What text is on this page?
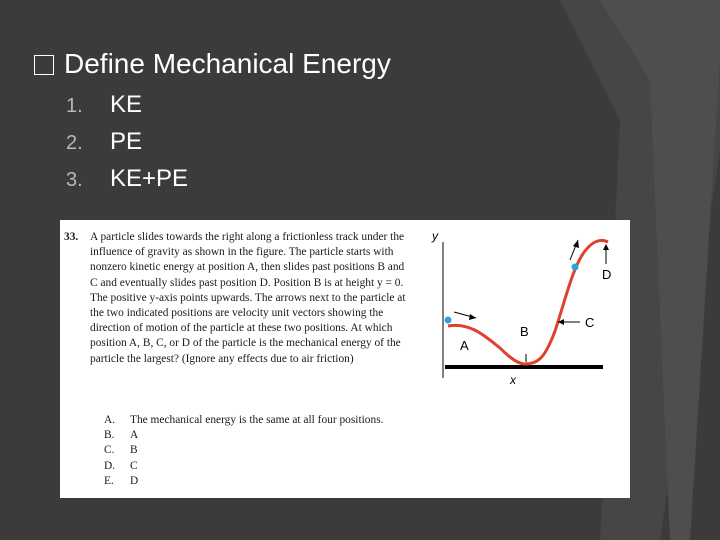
Define Mechanical Energy
1. KE
2. PE
3. KE+PE
33. A particle slides towards the right along a frictionless track under the influence of gravity as shown in the figure. The particle starts with nonzero kinetic energy at position A, then slides past positions B and C and eventually slides past position D. Position B is at height y = 0. The positive y-axis points upwards. The arrows next to the particle at the two indicated positions are velocity unit vectors showing the direction of motion of the particle at these two positions. At which position A, B, C, or D of the particle is the mechanical energy of the particle the largest? (Ignore any effects due to air friction)
y
x
A
B
C
D
A. The mechanical energy is the same at all four positions.
B. A
C. B
D. C
E. D
